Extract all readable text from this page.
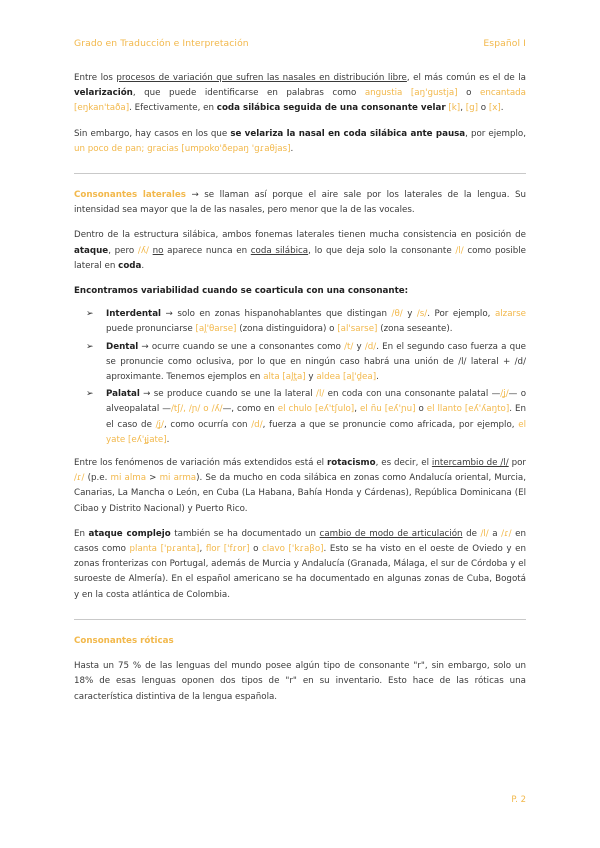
Grado en Traducción e Interpretación	Español I

Entre los procesos de variación que sufren las nasales en distribución libre, el más común es el de la velarización, que puede identificarse en palabras como angustia [aŋ'gustja] o encantada [eŋkan'taða]. Efectivamente, en coda silábica seguida de una consonante velar [k], [g] o [x].

Sin embargo, hay casos en los que se velariza la nasal en coda silábica ante pausa, por ejemplo, un poco de pan; gracias [umpoko'ðepaŋ 'gɾaθjas].

Consonantes laterales → se llaman así porque el aire sale por los laterales de la lengua. Su intensidad sea mayor que la de las nasales, pero menor que la de las vocales.

Dentro de la estructura silábica, ambos fonemas laterales tienen mucha consistencia en posición de ataque, pero /ʎ/ no aparece nunca en coda silábica, lo que deja solo la consonante /l/ como posible lateral en coda.

Encontramos variabilidad cuando se coarticula con una consonante:
➢ Interdental → solo en zonas hispanohablantes que distingan /θ/ y /s/. Por ejemplo, alzarse puede pronunciarse [al̪'θarse] (zona distinguidora) o [al'sarse] (zona seseante).
➢ Dental → ocurre cuando se une a consonantes como /t/ y /d/. En el segundo caso fuerza a que se pronuncie como oclusiva, por lo que en ningún caso habrá una unión de /l/ lateral + /d/ aproximante. Tenemos ejemplos en alta [al̪t̪a] y aldea [al̪'d̪ea].
➢ Palatal → se produce cuando se une la lateral /l/ en coda con una consonante palatal —/ʝ/— o alveopalatal —/tʃ/, /ɲ/ o /ʎ/—, como en el chulo [eʎ'tʃulo], el ñu [eʎ'ɲu] o el llanto [eʎ'ʎaŋto]. En el caso de /ʝ/, como ocurría con /d/, fuerza a que se pronuncie como africada, por ejemplo, el yate [eʎ'ɟʝate].

Entre los fenómenos de variación más extendidos está el rotacismo, es decir, el intercambio de /l/ por /ɾ/ (p.e. mi alma > mi arma). Se da mucho en coda silábica en zonas como Andalucía oriental, Murcia, Canarias, La Mancha o León, en Cuba (La Habana, Bahía Honda y Cárdenas), República Dominicana (El Cibao y Distrito Nacional) y Puerto Rico.

En ataque complejo también se ha documentado un cambio de modo de articulación de /l/ a /ɾ/ en casos como planta ['pɾanta], flor ['fɾor] o clavo ['kɾaβo]. Esto se ha visto en el oeste de Oviedo y en zonas fronterizas con Portugal, además de Murcia y Andalucía (Granada, Málaga, el sur de Córdoba y el suroeste de Almería). En el español americano se ha documentado en algunas zonas de Cuba, Bogotá y en la costa atlántica de Colombia.

Consonantes róticas

Hasta un 75 % de las lenguas del mundo posee algún tipo de consonante "r", sin embargo, solo un 18% de esas lenguas oponen dos tipos de "r" en su inventario. Esto hace de las róticas una característica distintiva de la lengua española.

P. 2
